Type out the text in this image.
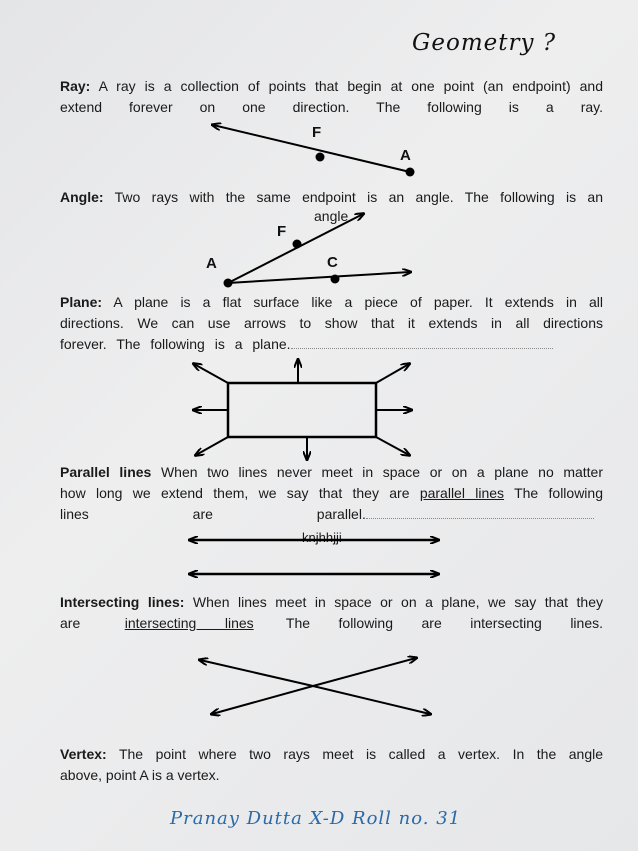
Geometry ?
Ray: A ray is a collection of points that begin at one point (an endpoint) and
extend forever on one direction. The following is a ray.
Angle: Two rays with the same endpoint is an angle. The following is an
angle
Plane: A plane is a flat surface like a piece of paper. It extends in all
directions. We can use arrows to show that it extends in all directions
forever. The following is a plane.
Parallel lines When two lines never meet in space or on a plane no matter
how long we extend them, we say that they are parallel lines The following
lines are parallel.
knjhhjji
Intersecting lines: When lines meet in space or on a plane, we say that they
are	intersecting lines The following are intersecting lines.
Vertex: The point where two rays meet is called a vertex. In the angle
above, point A is a vertex.
F
A
F
A	C
Pranay Dutta X-D Roll no. 31
